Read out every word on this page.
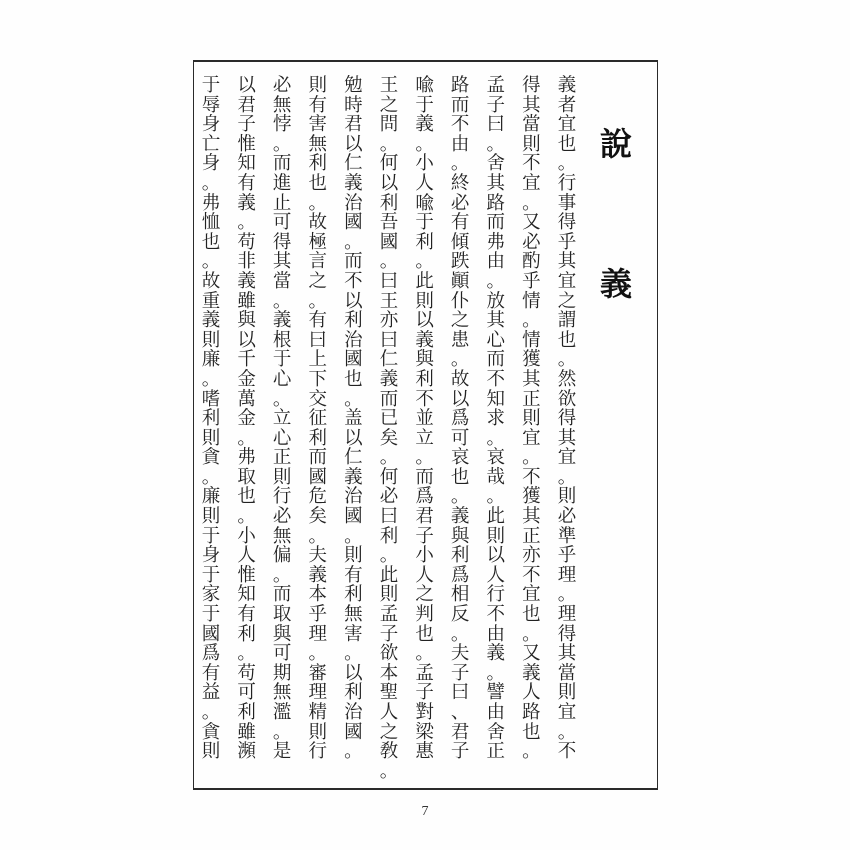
說
義
義
者
宜
也
。
行
事
得
乎
其
宜
之
謂
也
。
然
欲
得
其
宜
。
則
必
準
乎
理
。
理
得
其
當
則
宜
。
不
得
其
當
則
不
宜
。
又
必
酌
乎
情
。
情
獲
其
正
則
宜
。
不
獲
其
正
亦
不
宜
也
。
又
義
人
路
也
。
孟
子
曰
。
舍
其
路
而
弗
由
。
放
其
心
而
不
知
求
。
哀
哉
。
此
則
以
人
行
不
由
義
。
譬
由
舍
正
路
而
不
由
。
終
必
有
傾
跌
顚
仆
之
患
。
故
以
爲
可
哀
也
。
義
與
利
爲
相
反
。
夫
子
曰
、
君
子
喩
于
義
。
小
人
喩
于
利
。
此
則
以
義
與
利
不
並
立
。
而
爲
君
子
小
人
之
判
也
。
孟
子
對
梁
惠
王
之
問
。
何
以
利
吾
國
。
曰
王
亦
曰
仁
義
而
已
矣
。
何
必
曰
利
。
此
則
孟
子
欲
本
聖
人
之
敎
。
勉
時
君
以
仁
義
治
國
。
而
不
以
利
治
國
也
。
盖
以
仁
義
治
國
。
則
有
利
無
害
。
以
利
治
國
。
則
有
害
無
利
也
。
故
極
言
之
。
有
曰
上
下
交
征
利
而
國
危
矣
。
夫
義
本
乎
理
。
審
理
精
則
行
必
無
悖
。
而
進
止
可
得
其
當
。
義
根
于
心
。
立
心
正
則
行
必
無
偏
。
而
取
與
可
期
無
濫
。
是
以
君
子
惟
知
有
義
。
苟
非
義
雖
與
以
千
金
萬
金
。
弗
取
也
。
小
人
惟
知
有
利
。
苟
可
利
雖
瀕
于
辱
身
亡
身
。
弗
恤
也
。
故
重
義
則
廉
。
嗜
利
則
貪
。
廉
則
于
身
于
家
于
國
爲
有
益
。
貪
則
7
